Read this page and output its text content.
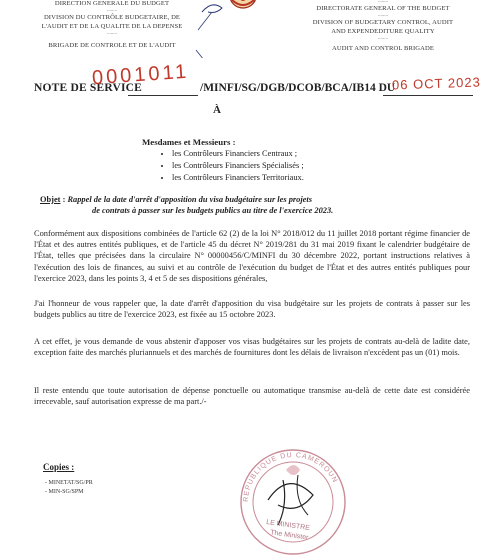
DIRECTION GENERALE DU BUDGET
........
DIVISION DU CONTRÔLE BUDGETAIRE, DE
L'AUDIT ET DE LA QUALITE DE LA DEPENSE
........
BRIGADE DE CONTROLE ET DE L'AUDIT
........
DIRECTORATE GENERAL OF THE BUDGET
........
DIVISION OF BUDGETARY CONTROL, AUDIT
AND EXPENDEDITURE QUALITY
........
AUDIT AND CONTROL BRIGADE
NOTE DE SERVICE
0001011 /MINFI/SG/DGB/DCOB/BCA/IB14 DU
06 OCT 2023
À
Mesdames et Messieurs :
• les Contrôleurs Financiers Centraux ;
• les Contrôleurs Financiers Spécialisés ;
• les Contrôleurs Financiers Territoriaux.
Objet : Rappel de la date d'arrêt d'apposition du visa budgétaire sur les projets
de contrats à passer sur les budgets publics au titre de l'exercice 2023.
Conformément aux dispositions combinées de l'article 62 (2) de la loi N° 2018/012 du 11 juillet 2018 portant régime financier de l'État et des autres entités publiques, et de l'article 45 du décret N° 2019/281 du 31 mai 2019 fixant le calendrier budgétaire de l'État, telles que précisées dans la circulaire N° 00000456/C/MINFI du 30 décembre 2022, portant instructions relatives à l'exécution des lois de finances, au suivi et au contrôle de l'exécution du budget de l'État et des autres entités publiques pour l'exercice 2023, dans les points 3, 4 et 5 de ses dispositions générales,
J'ai l'honneur de vous rappeler que, la date d'arrêt d'apposition du visa budgétaire sur les projets de contrats à passer sur les budgets publics au titre de l'exercice 2023, est fixée au 15 octobre 2023.
A cet effet, je vous demande de vous abstenir d'apposer vos visas budgétaires sur les projets de contrats au-delà de ladite date, exception faite des marchés pluriannuels et des marchés de fournitures dont les délais de livraison n'excèdent pas un (01) mois.
Il reste entendu que toute autorisation de dépense ponctuelle ou automatique transmise au-delà de cette date est considérée irrecevable, sauf autorisation expresse de ma part./-
Copies :
- MINETAT/SG/PR
- MIN-SG/SPM
REPUBLIQUE DU CAMEROUN
LE MINISTRE
The Minister
